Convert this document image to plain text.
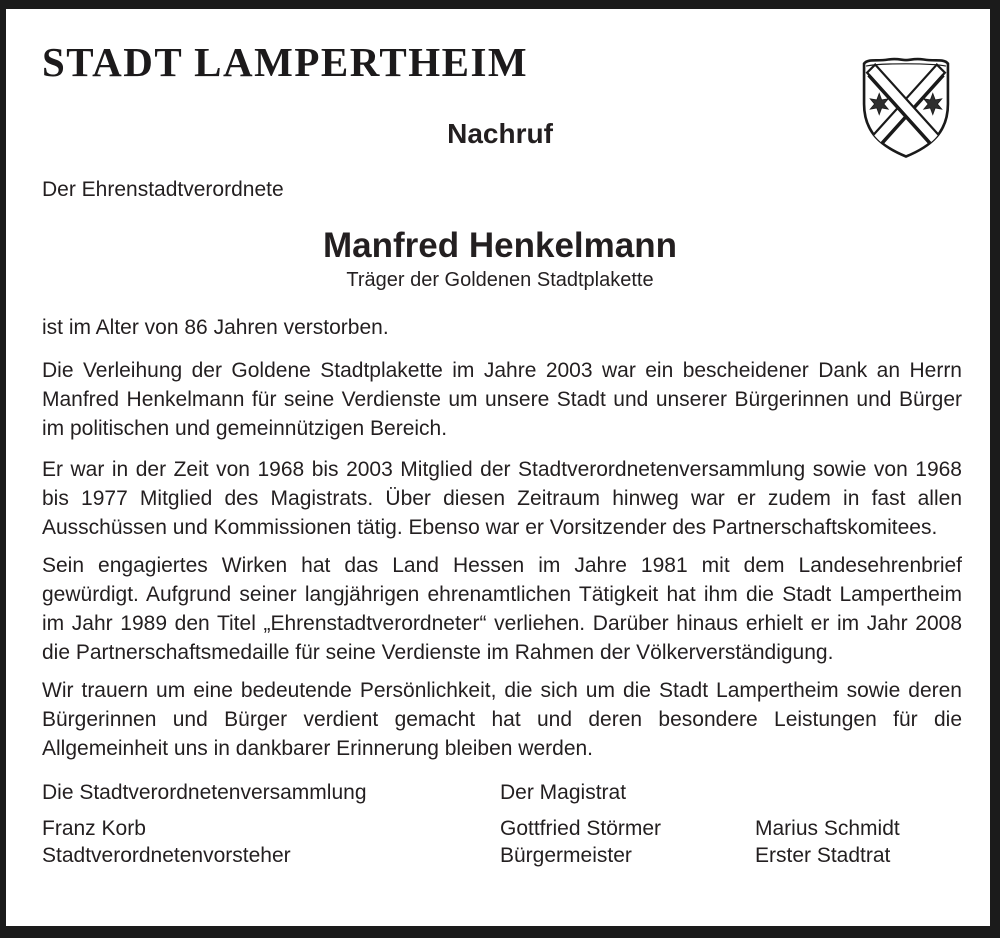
STADT LAMPERTHEIM
Nachruf
Der Ehrenstadtverordnete
Manfred Henkelmann
Träger der Goldenen Stadtplakette

ist im Alter von 86 Jahren verstorben.

Die Verleihung der Goldene Stadtplakette im Jahre 2003 war ein bescheidener Dank an Herrn Manfred Henkelmann für seine Verdienste um unsere Stadt und unserer Bürgerinnen und Bürger im politischen und gemeinnützigen Bereich.

Er war in der Zeit von 1968 bis 2003 Mitglied der Stadtverordnetenversammlung sowie von 1968 bis 1977 Mitglied des Magistrats. Über diesen Zeitraum hinweg war er zudem in fast allen Ausschüssen und Kommissionen tätig. Ebenso war er Vorsitzender des Partnerschaftskomitees.

Sein engagiertes Wirken hat das Land Hessen im Jahre 1981 mit dem Landesehrenbrief gewürdigt. Aufgrund seiner langjährigen ehrenamtlichen Tätigkeit hat ihm die Stadt Lampertheim im Jahr 1989 den Titel „Ehrenstadtverordneter“ verliehen. Darüber hinaus erhielt er im Jahr 2008 die Partnerschaftsmedaille für seine Verdienste im Rahmen der Völkerverständigung.

Wir trauern um eine bedeutende Persönlichkeit, die sich um die Stadt Lampertheim sowie deren Bürgerinnen und Bürger verdient gemacht hat und deren besondere Leistungen für die Allgemeinheit uns in dankbarer Erinnerung bleiben werden.

Die Stadtverordnetenversammlung	Der Magistrat
Franz Korb	Gottfried Störmer	Marius Schmidt
Stadtverordnetenvorsteher	Bürgermeister	Erster Stadtrat
